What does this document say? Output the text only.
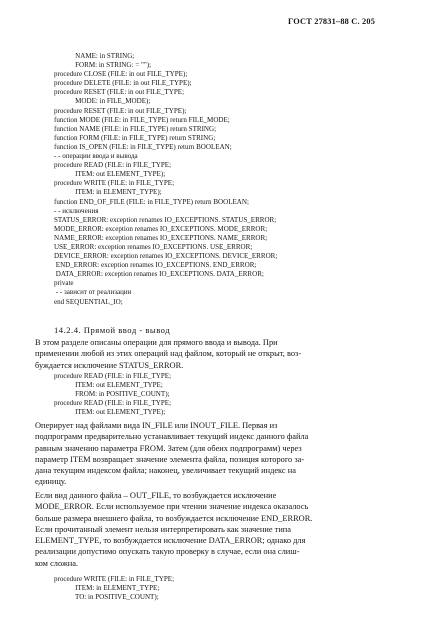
ГОСТ 27831–88 С. 205
NAME: in STRING;
FORM: in STRING: = "");
procedure CLOSE (FILE: in out FILE_TYPE);
procedure DELETE (FILE: in out FILE_TYPE);
procedure RESET (FILE: in out FILE_TYPE;
MODE: in FILE_MODE);
procedure RESET (FILE: in out FILE_TYPE);
function MODE (FILE: in FILE_TYPE) return FILE_MODE;
function NAME (FILE: in FILE_TYPE) return STRING;
function FORM (FILE: in FILE_TYPE) return STRING;
function IS_OPEN (FILE: in FILE_TYPE) return BOOLEAN;
- - операции ввода и вывода
procedure READ (FILE: in FILE_TYPE;
ITEM: out ELEMENT_TYPE);
procedure WRITE (FILE: in FILE_TYPE;
ITEM: in ELEMENT_TYPE);
function END_OF_FILE (FILE: in FILE_TYPE) return BOOLEAN;
- - исключения
STATUS_ERROR: exception renames IO_EXCEPTIONS. STATUS_ERROR;
MODE_ERROR: exception renames IO_EXCEPTIONS. MODE_ERROR;
NAME_ERROR: exception renames IO_EXCEPTIONS. NAME_ERROR;
USE_ERROR: exception renames IO_EXCEPTIONS. USE_ERROR;
DEVICE_ERROR: exception renames IO_EXCEPTIONS. DEVICE_ERROR;
END_ERROR: exception renames IO_EXCEPTIONS. END_ERROR;
DATA_ERROR: exception renames IO_EXCEPTIONS. DATA_ERROR;
private
- - зависит от реализации
end SEQUENTIAL_IO;
14.2.4. Прямой ввод - вывод
В этом разделе описаны операции для прямого ввода и вывода. При
применении любой из этих операций над файлом, который не открыт, воз-
буждается исключение STATUS_ERROR.
procedure READ (FILE: in FILE_TYPE;
ITEM: out ELEMENT_TYPE;
FROM: in POSITIVE_COUNT);
procedure READ (FILE: in FILE_TYPE;
ITEM: out ELEMENT_TYPE);
Оперирует над файлами вида IN_FILE или INOUT_FILE. Первая из
подпрограмм предварительно устанавливает текущий индекс данного файла
равным значению параметра FROM. Затем (для обеих подпрограмм) через
параметр ITEM возвращает значение элемента файла, позиция которого за-
дана текущим индексом файла; наконец, увеличивает текущий индекс на
единицу.
Если вид данного файла – OUT_FILE, то возбуждается исключение
MODE_ERROR. Если используемое при чтении значение индекса оказалось
больше размера внешнего файла, то возбуждается исключение END_ERROR.
Если прочитанный элемент нельзя интерпретировать как значение типа
ELEMENT_TYPE, то возбуждается исключение DATA_ERROR; однако для
реализации допустимо опускать такую проверку в случае, если она слиш-
ком сложна.
procedure WRITE (FILE: in FILE_TYPE;
ITEM: in ELEMENT_TYPE;
TO: in POSITIVE_COUNT);
